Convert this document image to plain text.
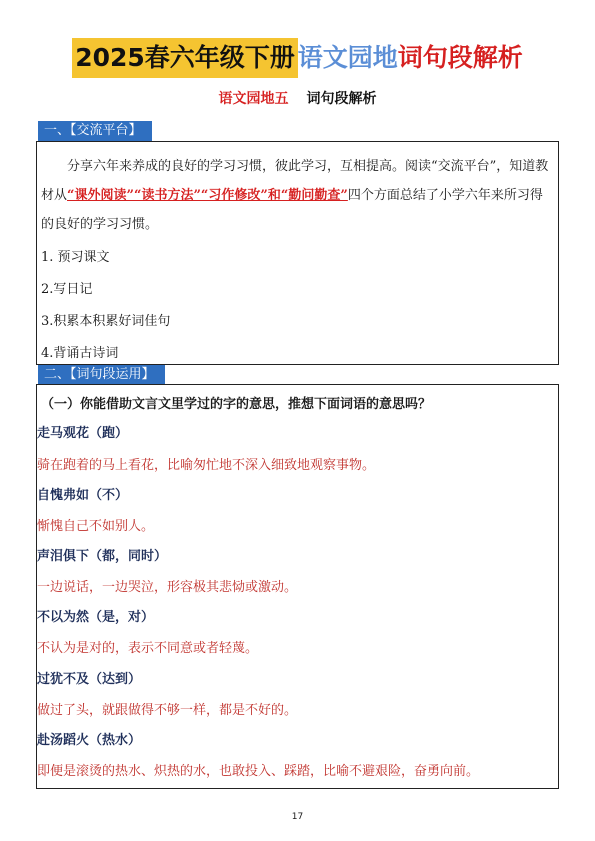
2025春六年级下册 语文园地词句段解析
语文园地五 词句段解析
一、【交流平台】
分享六年来养成的良好的学习习惯，彼此学习，互相提高。阅读“交流平台”，知道教材从“课外阅读”“读书方法”“习作修改”和“勤问勤查”四个方面总结了小学六年来所习得的良好的学习习惯。
1. 预习课文
2.写日记
3.积累本积累好词佳句
4.背诵古诗词
二、【词句段运用】
（一）你能借助文言文里学过的字的意思，推想下面词语的意思吗？
走马观花（跑）
骑在跑着的马上看花，比喻匆忙地不深入细致地观察事物。
自愧弗如（不）
惭愧自己不如别人。
声泪俱下（都，同时）
一边说话，一边哭泣，形容极其悲恸或激动。
不以为然（是，对）
不认为是对的，表示不同意或者轻蔑。
过犹不及（达到）
做过了头，就跟做得不够一样，都是不好的。
赴汤蹈火（热水）
即便是滚烫的热水、炽热的水，也敢投入、踩踏，比喻不避艰险，奋勇向前。
17
